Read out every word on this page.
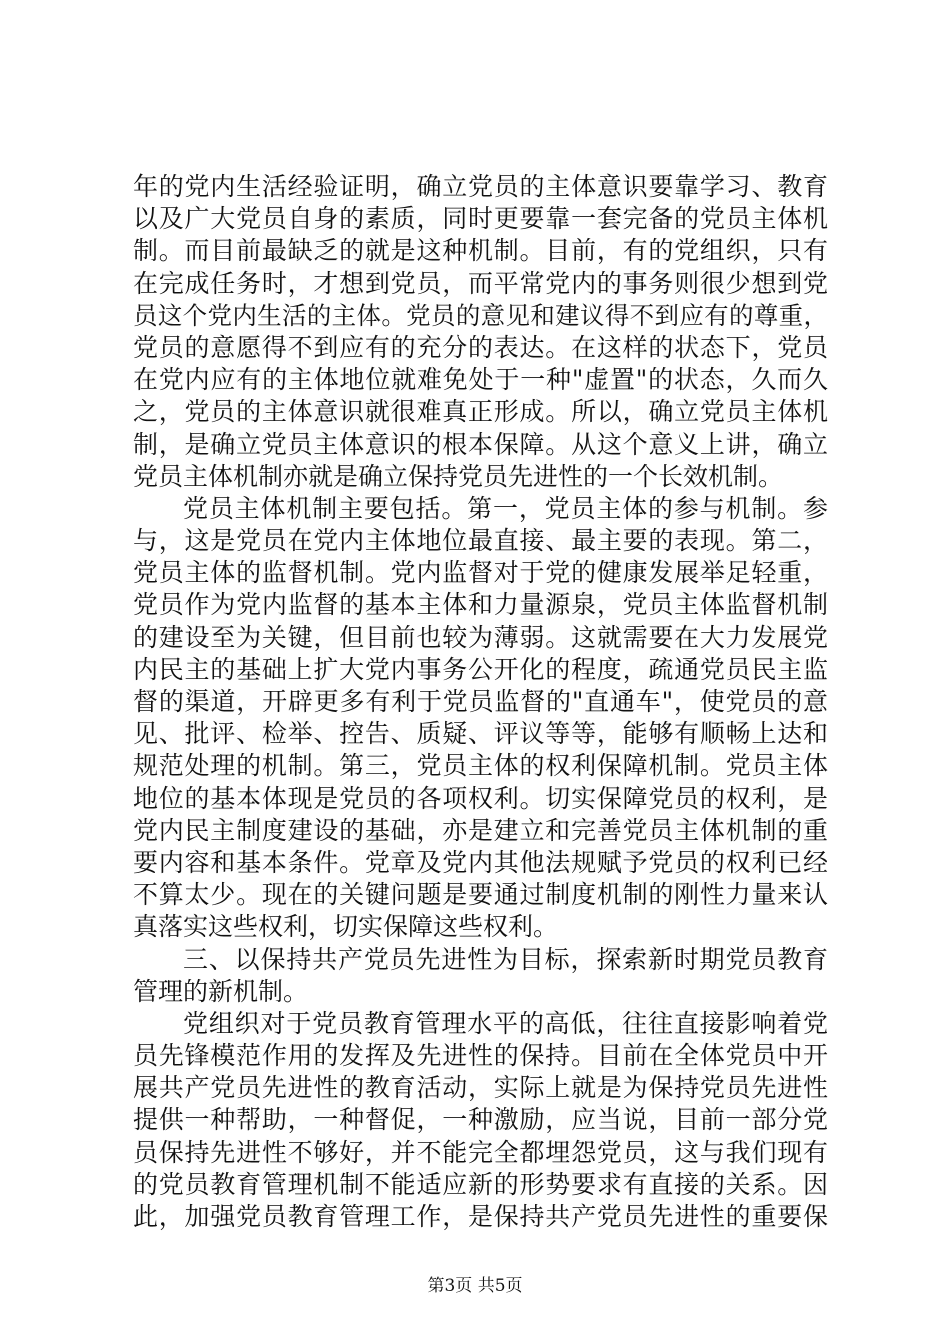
年的党内生活经验证明，确立党员的主体意识要靠学习、教育
以及广大党员自身的素质，同时更要靠一套完备的党员主体机
制。而目前最缺乏的就是这种机制。目前，有的党组织，只有
在完成任务时，才想到党员，而平常党内的事务则很少想到党
员这个党内生活的主体。党员的意见和建议得不到应有的尊重，
党员的意愿得不到应有的充分的表达。在这样的状态下，党员
在党内应有的主体地位就难免处于一种"虚置"的状态，久而久
之，党员的主体意识就很难真正形成。所以，确立党员主体机
制，是确立党员主体意识的根本保障。从这个意义上讲，确立
党员主体机制亦就是确立保持党员先进性的一个长效机制。
党员主体机制主要包括。第一，党员主体的参与机制。参
与，这是党员在党内主体地位最直接、最主要的表现。第二，
党员主体的监督机制。党内监督对于党的健康发展举足轻重，
党员作为党内监督的基本主体和力量源泉，党员主体监督机制
的建设至为关键，但目前也较为薄弱。这就需要在大力发展党
内民主的基础上扩大党内事务公开化的程度，疏通党员民主监
督的渠道，开辟更多有利于党员监督的"直通车"，使党员的意
见、批评、检举、控告、质疑、评议等等，能够有顺畅上达和
规范处理的机制。第三，党员主体的权利保障机制。党员主体
地位的基本体现是党员的各项权利。切实保障党员的权利，是
党内民主制度建设的基础，亦是建立和完善党员主体机制的重
要内容和基本条件。党章及党内其他法规赋予党员的权利已经
不算太少。现在的关键问题是要通过制度机制的刚性力量来认
真落实这些权利，切实保障这些权利。
三、以保持共产党员先进性为目标，探索新时期党员教育
管理的新机制。
党组织对于党员教育管理水平的高低，往往直接影响着党
员先锋模范作用的发挥及先进性的保持。目前在全体党员中开
展共产党员先进性的教育活动，实际上就是为保持党员先进性
提供一种帮助，一种督促，一种激励，应当说，目前一部分党
员保持先进性不够好，并不能完全都埋怨党员，这与我们现有
的党员教育管理机制不能适应新的形势要求有直接的关系。因
此，加强党员教育管理工作，是保持共产党员先进性的重要保
第3页 共5页
